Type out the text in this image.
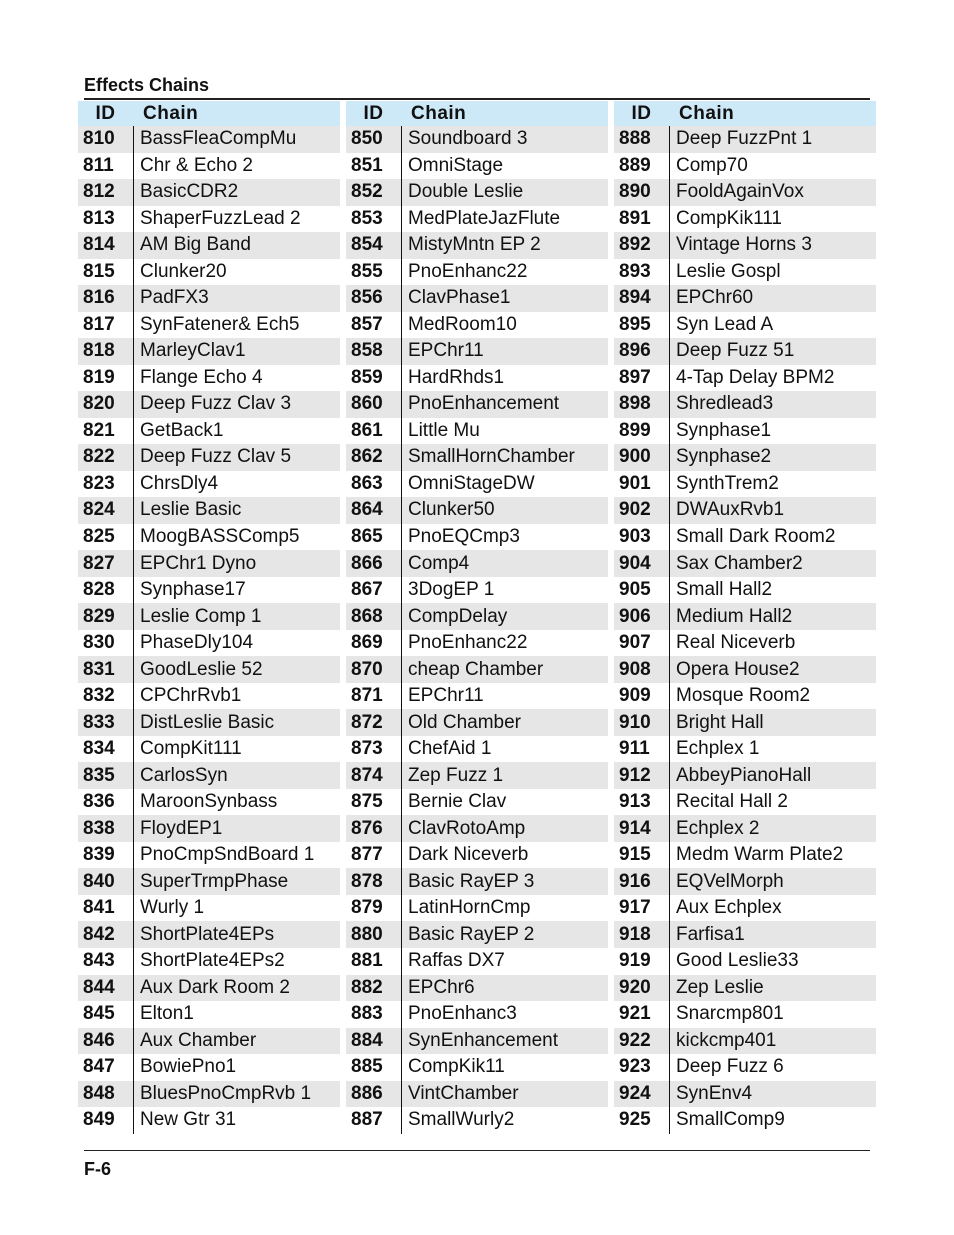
Effects Chains
ID	Chain
810	BassFleaCompMu
811	Chr & Echo 2
812	BasicCDR2
813	ShaperFuzzLead 2
814	AM Big Band
815	Clunker20
816	PadFX3
817	SynFatener& Ech5
818	MarleyClav1
819	Flange Echo 4
820	Deep Fuzz Clav 3
821	GetBack1
822	Deep Fuzz Clav 5
823	ChrsDly4
824	Leslie Basic
825	MoogBASSComp5
827	EPChr1 Dyno
828	Synphase17
829	Leslie Comp 1
830	PhaseDly104
831	GoodLeslie 52
832	CPChrRvb1
833	DistLeslie Basic
834	CompKit111
835	CarlosSyn
836	MaroonSynbass
838	FloydEP1
839	PnoCmpSndBoard 1
840	SuperTrmpPhase
841	Wurly 1
842	ShortPlate4EPs
843	ShortPlate4EPs2
844	Aux Dark Room 2
845	Elton1
846	Aux Chamber
847	BowiePno1
848	BluesPnoCmpRvb 1
849	New Gtr 31
ID	Chain
850	Soundboard 3
851	OmniStage
852	Double Leslie
853	MedPlateJazFlute
854	MistyMntn EP 2
855	PnoEnhanc22
856	ClavPhase1
857	MedRoom10
858	EPChr11
859	HardRhds1
860	PnoEnhancement
861	Little Mu
862	SmallHornChamber
863	OmniStageDW
864	Clunker50
865	PnoEQCmp3
866	Comp4
867	3DogEP 1
868	CompDelay
869	PnoEnhanc22
870	cheap Chamber
871	EPChr11
872	Old Chamber
873	ChefAid 1
874	Zep Fuzz 1
875	Bernie Clav
876	ClavRotoAmp
877	Dark Niceverb
878	Basic RayEP 3
879	LatinHornCmp
880	Basic RayEP 2
881	Raffas DX7
882	EPChr6
883	PnoEnhanc3
884	SynEnhancement
885	CompKik11
886	VintChamber
887	SmallWurly2
ID	Chain
888	Deep FuzzPnt 1
889	Comp70
890	FooldAgainVox
891	CompKik111
892	Vintage Horns 3
893	Leslie Gospl
894	EPChr60
895	Syn Lead A
896	Deep Fuzz 51
897	4-Tap Delay BPM2
898	Shredlead3
899	Synphase1
900	Synphase2
901	SynthTrem2
902	DWAuxRvb1
903	Small Dark Room2
904	Sax Chamber2
905	Small Hall2
906	Medium Hall2
907	Real Niceverb
908	Opera House2
909	Mosque Room2
910	Bright Hall
911	Echplex 1
912	AbbeyPianoHall
913	Recital Hall 2
914	Echplex 2
915	Medm Warm Plate2
916	EQVelMorph
917	Aux Echplex
918	Farfisa1
919	Good Leslie33
920	Zep Leslie
921	Snarcmp801
922	kickcmp401
923	Deep Fuzz 6
924	SynEnv4
925	SmallComp9
F-6
